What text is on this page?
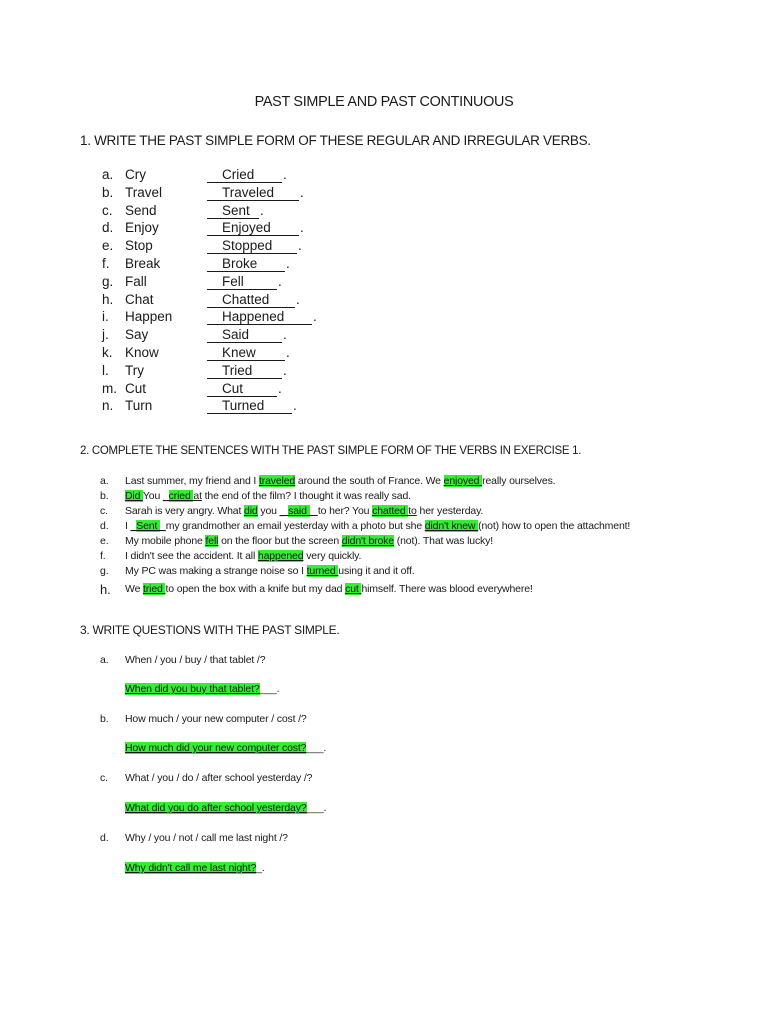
PAST SIMPLE AND PAST CONTINUOUS
1. WRITE THE PAST SIMPLE FORM OF THESE REGULAR AND IRREGULAR VERBS.
a. Cry	Cried	.
b. Travel	Traveled	.
c. Send	Sent .
d. Enjoy	Enjoyed	.
e. Stop	Stopped	.
f.	Break	Broke	.
g. Fall	Fell	.
h. Chat	Chatted	.
i.	Happen	Happened	.
j.	Say	Said	.
k. Know	Knew	.
l.	Try	Tried	.
m. Cut	Cut	.
n. Turn	Turned	.
2. COMPLETE THE SENTENCES WITH THE PAST SIMPLE FORM OF THE VERBS IN EXERCISE 1.
a.	Last summer, my friend and I traveled around the south of France. We enjoyed really ourselves.
b.	Did You _cried at the end of the film? I thought it was really sad.
c.	Sarah is very angry. What did you _ said    to her? You chatted to her yesterday.
d.	I _Sent _my grandmother an email yesterday with a photo but she didn't knew (not) how to open the attachment!
e.	My mobile phone fell on the floor but the screen didn't broke (not). That was lucky!
f.	I didn't see the accident. It all happened very quickly.
g.	My PC was making a strange noise so I turned using it and it off.
h.	We tried to open the box with a knife but my dad cut himself. There was blood everywhere!
3. WRITE QUESTIONS WITH THE PAST SIMPLE.
a. When / you / buy / that tablet /?
When did you buy that tablet?___.
b. How much / your new computer / cost /?
How much did your new computer cost?___.
c. What / you / do / after school yesterday /?
What did you do after school yesterday?___.
d. Why / you / not / call me last night /?
Why didn't call me last night?_.
